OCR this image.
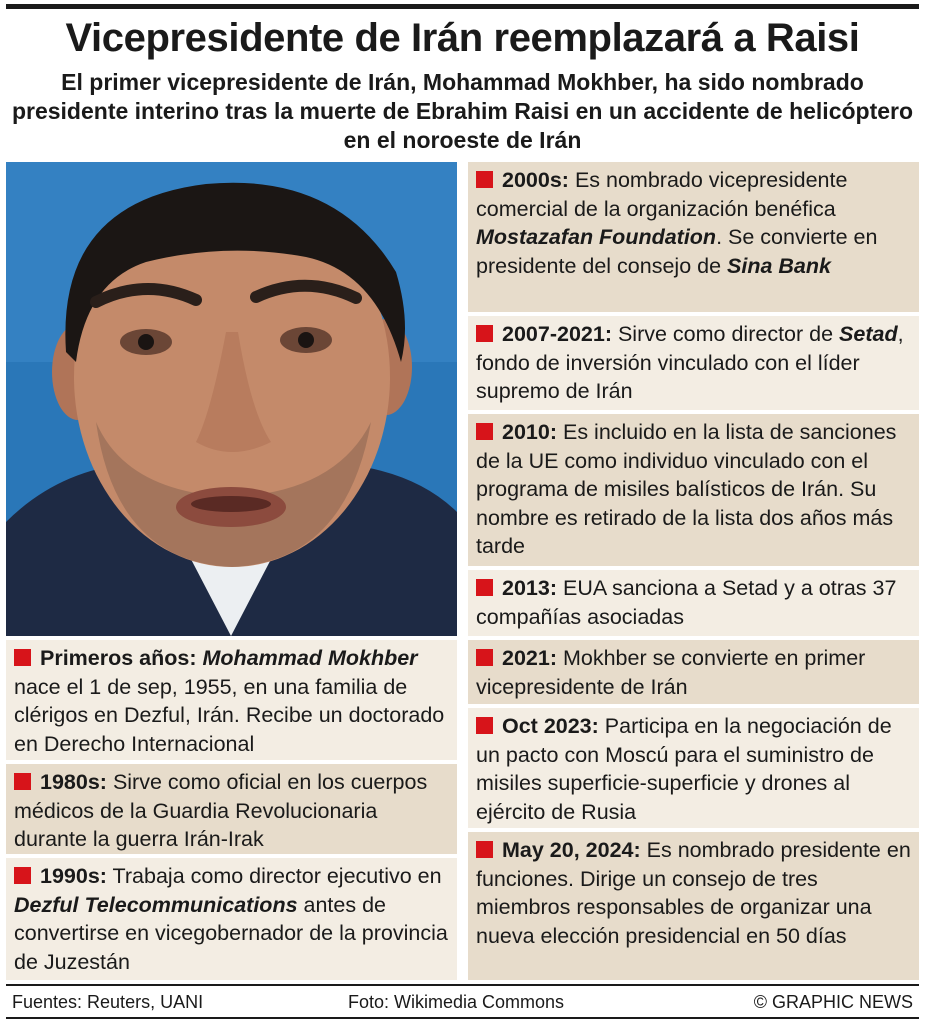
Vicepresidente de Irán reemplazará a Raisi
El primer vicepresidente de Irán, Mohammad Mokhber, ha sido nombrado presidente interino tras la muerte de Ebrahim Raisi en un accidente de helicóptero en el noroeste de Irán
Primeros años: Mohammad Mokhber nace el 1 de sep, 1955, en una familia de clérigos en Dezful, Irán. Recibe un doctorado en Derecho Internacional
1980s: Sirve como oficial en los cuerpos médicos de la Guardia Revolucionaria durante la guerra Irán-Irak
1990s: Trabaja como director ejecutivo en Dezful Telecommunications antes de convertirse en vicegobernador de la provincia de Juzestán
2000s: Es nombrado vicepresidente comercial de la organización benéfica Mostazafan Foundation. Se convierte en presidente del consejo de Sina Bank
2007-2021: Sirve como director de Setad, fondo de inversión vinculado con el líder supremo de Irán
2010: Es incluido en la lista de sanciones de la UE como individuo vinculado con el programa de misiles balísticos de Irán. Su nombre es retirado de la lista dos años más tarde
2013: EUA sanciona a Setad y a otras 37 compañías asociadas
2021: Mokhber se convierte en primer vicepresidente de Irán
Oct 2023: Participa en la negociación de un pacto con Moscú para el suministro de misiles superficie-superficie y drones al ejército de Rusia
May 20, 2024: Es nombrado presidente en funciones. Dirige un consejo de tres miembros responsables de organizar una nueva elección presidencial en 50 días
Fuentes: Reuters, UANI	Foto: Wikimedia Commons	© GRAPHIC NEWS
